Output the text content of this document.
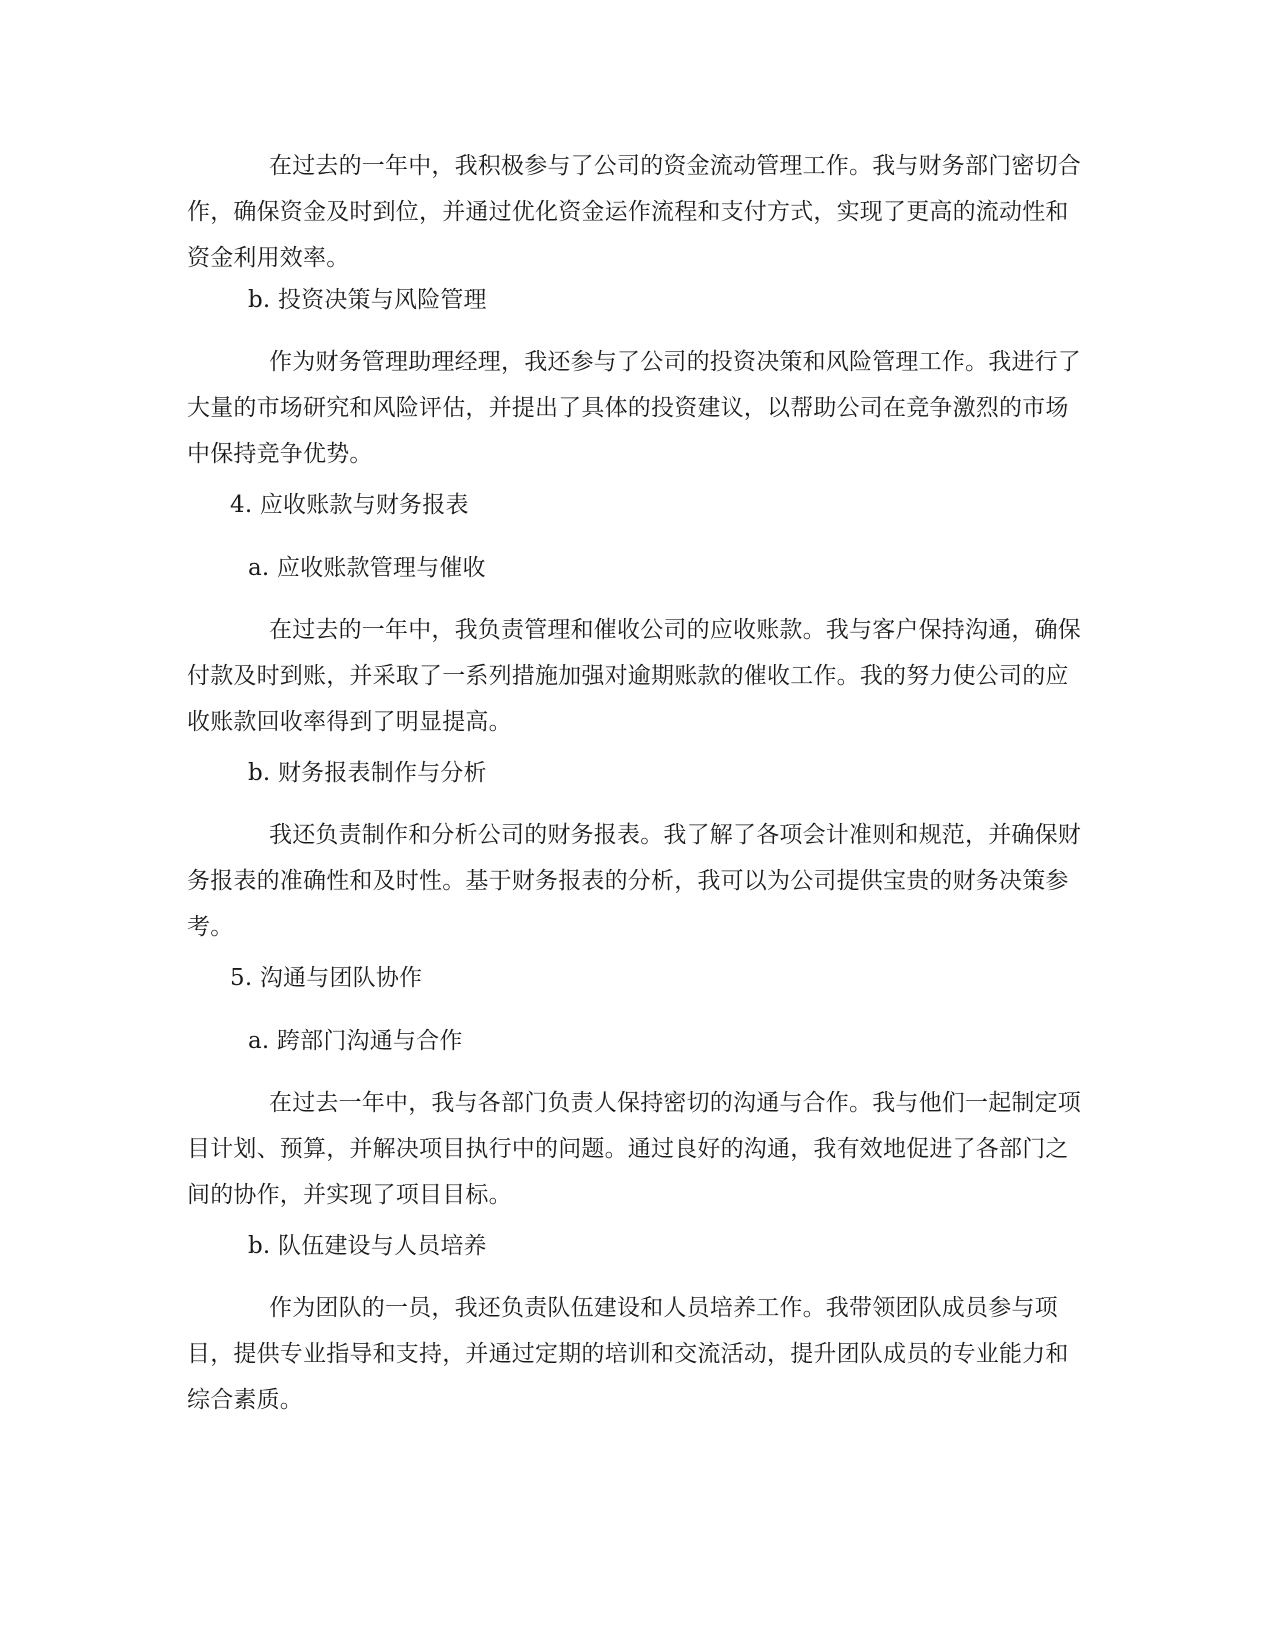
在过去的一年中，我积极参与了公司的资金流动管理工作。我与财务部门密切合作，确保资金及时到位，并通过优化资金运作流程和支付方式，实现了更高的流动性和资金利用效率。

b. 投资决策与风险管理

作为财务管理助理经理，我还参与了公司的投资决策和风险管理工作。我进行了大量的市场研究和风险评估，并提出了具体的投资建议，以帮助公司在竞争激烈的市场中保持竞争优势。

4. 应收账款与财务报表

a. 应收账款管理与催收

在过去的一年中，我负责管理和催收公司的应收账款。我与客户保持沟通，确保付款及时到账，并采取了一系列措施加强对逾期账款的催收工作。我的努力使公司的应收账款回收率得到了明显提高。

b. 财务报表制作与分析

我还负责制作和分析公司的财务报表。我了解了各项会计准则和规范，并确保财务报表的准确性和及时性。基于财务报表的分析，我可以为公司提供宝贵的财务决策参考。

5. 沟通与团队协作

a. 跨部门沟通与合作

在过去一年中，我与各部门负责人保持密切的沟通与合作。我与他们一起制定项目计划、预算，并解决项目执行中的问题。通过良好的沟通，我有效地促进了各部门之间的协作，并实现了项目目标。

b. 队伍建设与人员培养

作为团队的一员，我还负责队伍建设和人员培养工作。我带领团队成员参与项目，提供专业指导和支持，并通过定期的培训和交流活动，提升团队成员的专业能力和综合素质。
